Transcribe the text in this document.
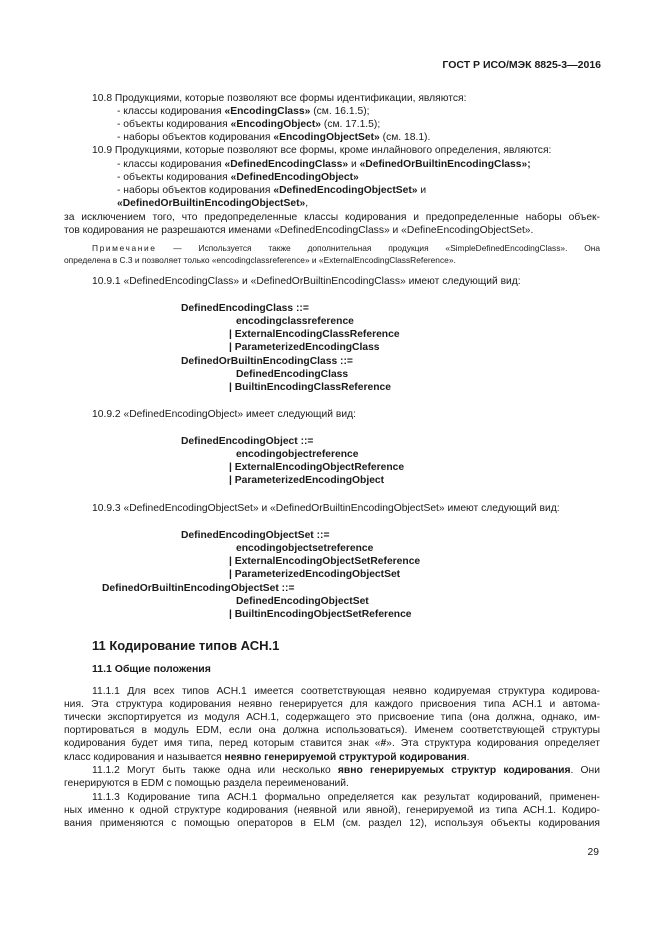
ГОСТ Р ИСО/МЭК 8825-3—2016
10.8 Продукциями, которые позволяют все формы идентификации, являются:
- классы кодирования «EncodingClass» (см. 16.1.5);
- объекты кодирования «EncodingObject» (см. 17.1.5);
- наборы объектов кодирования «EncodingObjectSet» (см. 18.1).
10.9 Продукциями, которые позволяют все формы, кроме инлайнового определения, являются:
- классы кодирования «DefinedEncodingClass» и «DefinedOrBuiltinEncodingClass»;
- объекты кодирования «DefinedEncodingObject»
- наборы объектов кодирования «DefinedEncodingObjectSet» и
«DefinedOrBuiltinEncodingObjectSet»,
за исключением того, что предопределенные классы кодирования и предопределенные наборы объек-
тов кодирования не разрешаются именами «DefinedEncodingClass» и «DefineEncodingObjectSet».
Примечание — Используется также дополнительная продукция «SimpleDefinedEncodingClass». Она
определена в С.3 и позволяет только «encodingclassreference» и «ExternalEncodingClassReference».
10.9.1 «DefinedEncodingClass» и «DefinedOrBuiltinEncodingClass» имеют следующий вид:
DefinedEncodingClass ::=
encodingclassreference
| ExternalEncodingClassReference
| ParameterizedEncodingClass
DefinedOrBuiltinEncodingClass ::=
DefinedEncodingClass
| BuiltinEncodingClassReference
10.9.2 «DefinedEncodingObject» имеет следующий вид:
DefinedEncodingObject ::=
encodingobjectreference
| ExternalEncodingObjectReference
| ParameterizedEncodingObject
10.9.3 «DefinedEncodingObjectSet» и «DefinedOrBuiltinEncodingObjectSet» имеют следующий вид:
DefinedEncodingObjectSet ::=
encodingobjectsetreference
| ExternalEncodingObjectSetReference
| ParameterizedEncodingObjectSet
DefinedOrBuiltinEncodingObjectSet ::=
DefinedEncodingObjectSet
| BuiltinEncodingObjectSetReference
11 Кодирование типов АСН.1
11.1 Общие положения
11.1.1 Для всех типов АСН.1 имеется соответствующая неявно кодируемая структура кодирова-
ния. Эта структура кодирования неявно генерируется для каждого присвоения типа АСН.1 и автома-
тически экспортируется из модуля АСН.1, содержащего это присвоение типа (она должна, однако, им-
портироваться в модуль EDM, если она должна использоваться). Именем соответствующей структуры
кодирования будет имя типа, перед которым ставится знак «#». Эта структура кодирования определяет
класс кодирования и называется неявно генерируемой структурой кодирования.
11.1.2 Могут быть также одна или несколько явно генерируемых структур кодирования. Они
генерируются в EDM с помощью раздела переименований.
11.1.3 Кодирование типа АСН.1 формально определяется как результат кодирований, применен-
ных именно к одной структуре кодирования (неявной или явной), генерируемой из типа АСН.1. Кодиро-
вания применяются с помощью операторов в ELM (см. раздел 12), используя объекты кодирования
29
